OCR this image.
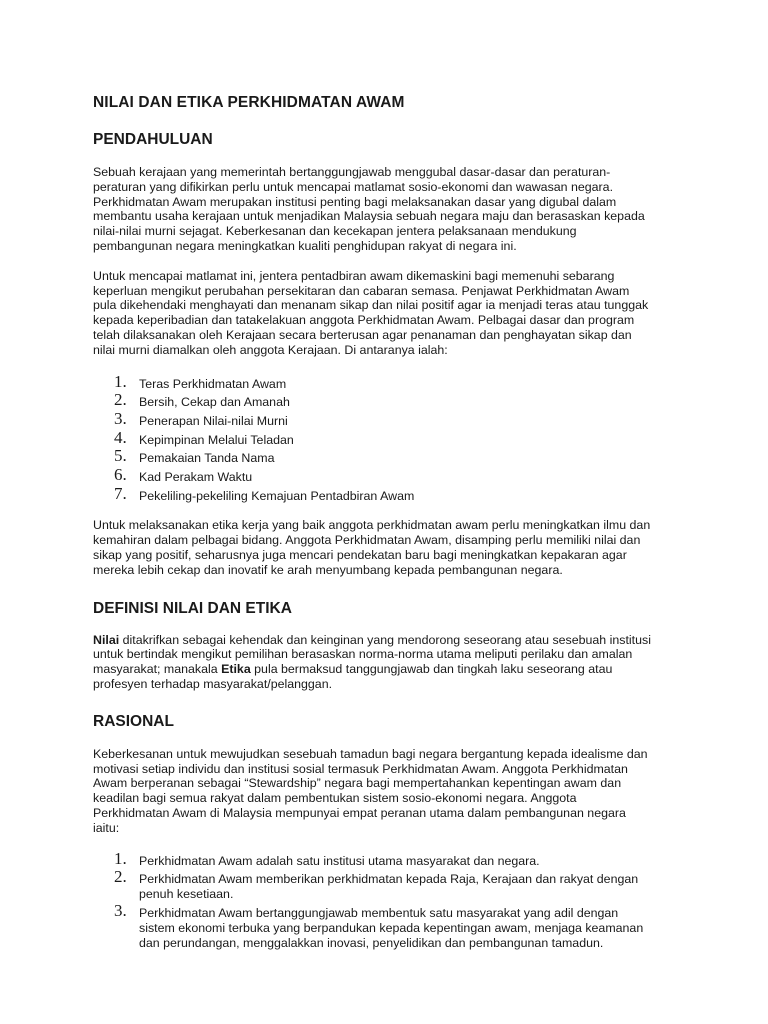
NILAI DAN ETIKA PERKHIDMATAN AWAM
PENDAHULUAN

Sebuah kerajaan yang memerintah bertanggungjawab menggubal dasar-dasar dan peraturan-
peraturan yang difikirkan perlu untuk mencapai matlamat sosio-ekonomi dan wawasan negara.
Perkhidmatan Awam merupakan institusi penting bagi melaksanakan dasar yang digubal dalam
membantu usaha kerajaan untuk menjadikan Malaysia sebuah negara maju dan berasaskan kepada
nilai-nilai murni sejagat. Keberkesanan dan kecekapan jentera pelaksanaan mendukung
pembangunan negara meningkatkan kualiti penghidupan rakyat di negara ini.

Untuk mencapai matlamat ini, jentera pentadbiran awam dikemaskini bagi memenuhi sebarang
keperluan mengikut perubahan persekitaran dan cabaran semasa. Penjawat Perkhidmatan Awam
pula dikehendaki menghayati dan menanam sikap dan nilai positif agar ia menjadi teras atau tunggak
kepada keperibadian dan tatakelakuan anggota Perkhidmatan Awam. Pelbagai dasar dan program
telah dilaksanakan oleh Kerajaan secara berterusan agar penanaman dan penghayatan sikap dan
nilai murni diamalkan oleh anggota Kerajaan. Di antaranya ialah:

1. Teras Perkhidmatan Awam
2. Bersih, Cekap dan Amanah
3. Penerapan Nilai-nilai Murni
4. Kepimpinan Melalui Teladan
5. Pemakaian Tanda Nama
6. Kad Perakam Waktu
7. Pekeliling-pekeliling Kemajuan Pentadbiran Awam

Untuk melaksanakan etika kerja yang baik anggota perkhidmatan awam perlu meningkatkan ilmu dan
kemahiran dalam pelbagai bidang. Anggota Perkhidmatan Awam, disamping perlu memiliki nilai dan
sikap yang positif, seharusnya juga mencari pendekatan baru bagi meningkatkan kepakaran agar
mereka lebih cekap dan inovatif ke arah menyumbang kepada pembangunan negara.

DEFINISI NILAI DAN ETIKA

Nilai ditakrifkan sebagai kehendak dan keinginan yang mendorong seseorang atau sesebuah institusi
untuk bertindak mengikut pemilihan berasaskan norma-norma utama meliputi perilaku dan amalan
masyarakat; manakala Etika pula bermaksud tanggungjawab dan tingkah laku seseorang atau
profesyen terhadap masyarakat/pelanggan.

RASIONAL

Keberkesanan untuk mewujudkan sesebuah tamadun bagi negara bergantung kepada idealisme dan
motivasi setiap individu dan institusi sosial termasuk Perkhidmatan Awam. Anggota Perkhidmatan
Awam berperanan sebagai “Stewardship” negara bagi mempertahankan kepentingan awam dan
keadilan bagi semua rakyat dalam pembentukan sistem sosio-ekonomi negara. Anggota
Perkhidmatan Awam di Malaysia mempunyai empat peranan utama dalam pembangunan negara
iaitu:

1. Perkhidmatan Awam adalah satu institusi utama masyarakat dan negara.
2. Perkhidmatan Awam memberikan perkhidmatan kepada Raja, Kerajaan dan rakyat dengan
penuh kesetiaan.
3. Perkhidmatan Awam bertanggungjawab membentuk satu masyarakat yang adil dengan
sistem ekonomi terbuka yang berpandukan kepada kepentingan awam, menjaga keamanan
dan perundangan, menggalakkan inovasi, penyelidikan dan pembangunan tamadun.
